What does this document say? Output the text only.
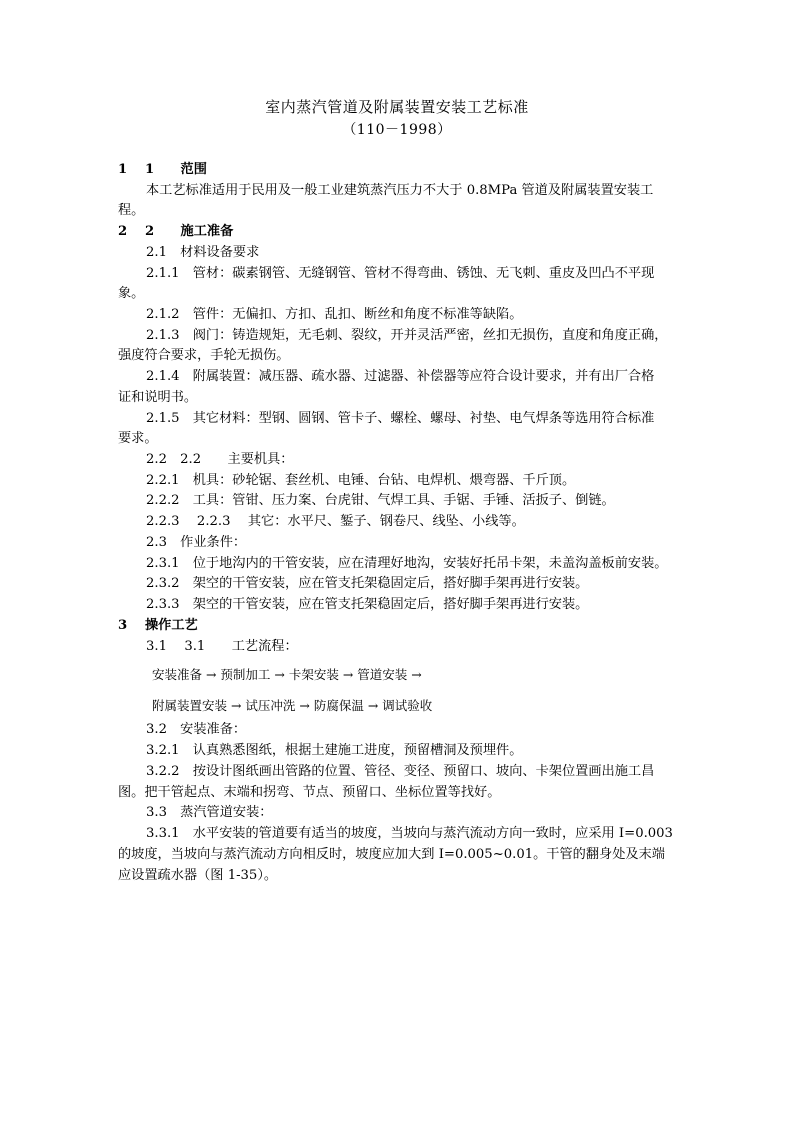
室内蒸汽管道及附属装置安装工艺标准
（110－1998）
1　 1　　范围
本工艺标准适用于民用及一般工业建筑蒸汽压力不大于 0.8MPa 管道及附属装置安装工
程。
2　 2　　施工准备
2.1　材料设备要求
2.1.1　管材：碳素钢管、无缝钢管、管材不得弯曲、锈蚀、无飞刺、重皮及凹凸不平现
象。
2.1.2　管件：无偏扣、方扣、乱扣、断丝和角度不标准等缺陷。
2.1.3　阀门：铸造规矩，无毛刺、裂纹，开并灵活严密，丝扣无损伤，直度和角度正确，
强度符合要求，手轮无损伤。
2.1.4　附属装置：减压器、疏水器、过滤器、补偿器等应符合设计要求，并有出厂合格
证和说明书。
2.1.5　其它材料：型钢、圆钢、管卡子、螺栓、螺母、衬垫、电气焊条等选用符合标准
要求。
2.2　2.2　　主要机具：
2.2.1　机具：砂轮锯、套丝机、电锤、台钻、电焊机、煨弯器、千斤顶。
2.2.2　工具：管钳、压力案、台虎钳、气焊工具、手锯、手锤、活扳子、倒链。
2.2.3　 2.2.3　 其它：水平尺、錾子、钢卷尺、线坠、小线等。
2.3　作业条件：
2.3.1　位于地沟内的干管安装，应在清理好地沟，安装好托吊卡架，未盖沟盖板前安装。
2.3.2　架空的干管安装，应在管支托架稳固定后，搭好脚手架再进行安装。
2.3.3　架空的干管安装，应在管支托架稳固定后，搭好脚手架再进行安装。
3　 操作工艺
3.1　 3.1　　工艺流程：
安装准备 → 预制加工 → 卡架安装 → 管道安装 →
附属装置安装 → 试压冲洗 → 防腐保温 → 调试验收
3.2　安装准备：
3.2.1　认真熟悉图纸，根据土建施工进度，预留槽洞及预埋件。
3.2.2　按设计图纸画出管路的位置、管径、变径、预留口、坡向、卡架位置画出施工昌
图。把干管起点、末端和拐弯、节点、预留口、坐标位置等找好。
3.3　蒸汽管道安装：
3.3.1　水平安装的管道要有适当的坡度，当坡向与蒸汽流动方向一致时，应采用 I=0.003
的坡度，当坡向与蒸汽流动方向相反时，坡度应加大到 I=0.005~0.01。干管的翻身处及末端
应设置疏水器（图 1-35）。
